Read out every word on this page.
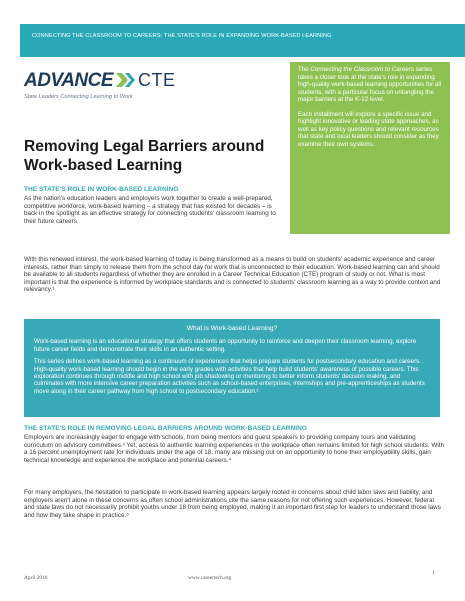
CONNECTING THE CLASSROOM TO CAREERS: THE STATE'S ROLE IN EXPANDING WORK-BASED LEARNING
ADVANCE CTE
State Leaders Connecting Learning to Work
Removing Legal Barriers around Work-based Learning

The Connecting the Classroom to Careers series takes a closer look at the state's role in expanding high-quality work-based learning opportunities for all students, with a particular focus on untangling the major barriers at the K-12 level.

Each installment will explore a specific issue and highlight innovative or leading state approaches, as well as key policy questions and relevant resources that state and local leaders should consider as they examine their own systems.

THE STATE'S ROLE IN WORK-BASED LEARNING
As the nation's education leaders and employers work together to create a well-prepared, competitive workforce, work-based learning – a strategy that has existed for decades – is back in the spotlight as an effective strategy for connecting students' classroom learning to their future careers.
With this renewed interest, the work-based learning of today is being transformed as a means to build on students' academic experience and career interests, rather than simply to release them from the school day for work that is unconnected to their education. Work-based learning can and should be available to all students regardless of whether they are enrolled in a Career Technical Education (CTE) program of study or not. What is most important is that the experience is informed by workplace standards and is connected to students' classroom learning as a way to provide context and relevancy.¹
What is Work-based Learning?

Work-based learning is an educational strategy that offers students an opportunity to reinforce and deepen their classroom learning, explore future career fields and demonstrate their skills in an authentic setting.

This series defines work-based learning as a continuum of experiences that helps prepare students for postsecondary education and careers. High-quality work-based learning should begin in the early grades with activities that help build students' awareness of possible careers. This exploration continues through middle and high school with job shadowing or mentoring to better inform students' decision making, and culminates with more intensive career preparation activities such as school-based enterprises, internships and pre-apprenticeships as students move along in their career pathway from high school to postsecondary education.²

THE STATE'S ROLE IN REMOVING LEGAL BARRIERS AROUND WORK-BASED LEARNING
Employers are increasingly eager to engage with schools, from being mentors and guest speakers to providing company tours and validating curriculum on advisory committees.³ Yet, access to authentic learning experiences in the workplace often remains limited for high school students. With a 16 percent unemployment rate for individuals under the age of 18, many are missing out on an opportunity to hone their employability skills, gain technical knowledge and experience the workplace and potential careers.⁴
For many employers, the hesitation to participate in work-based learning appears largely rooted in concerns about child labor laws and liability, and employers aren't alone in these concerns as often school administrations cite the same reasons for not offering such experiences. However, federal and state laws do not necessarily prohibit youths under 18 from being employed, making it an important first step for leaders to understand those laws and how they take shape in practice.⁵
April 2016	www.careertech.org
1
